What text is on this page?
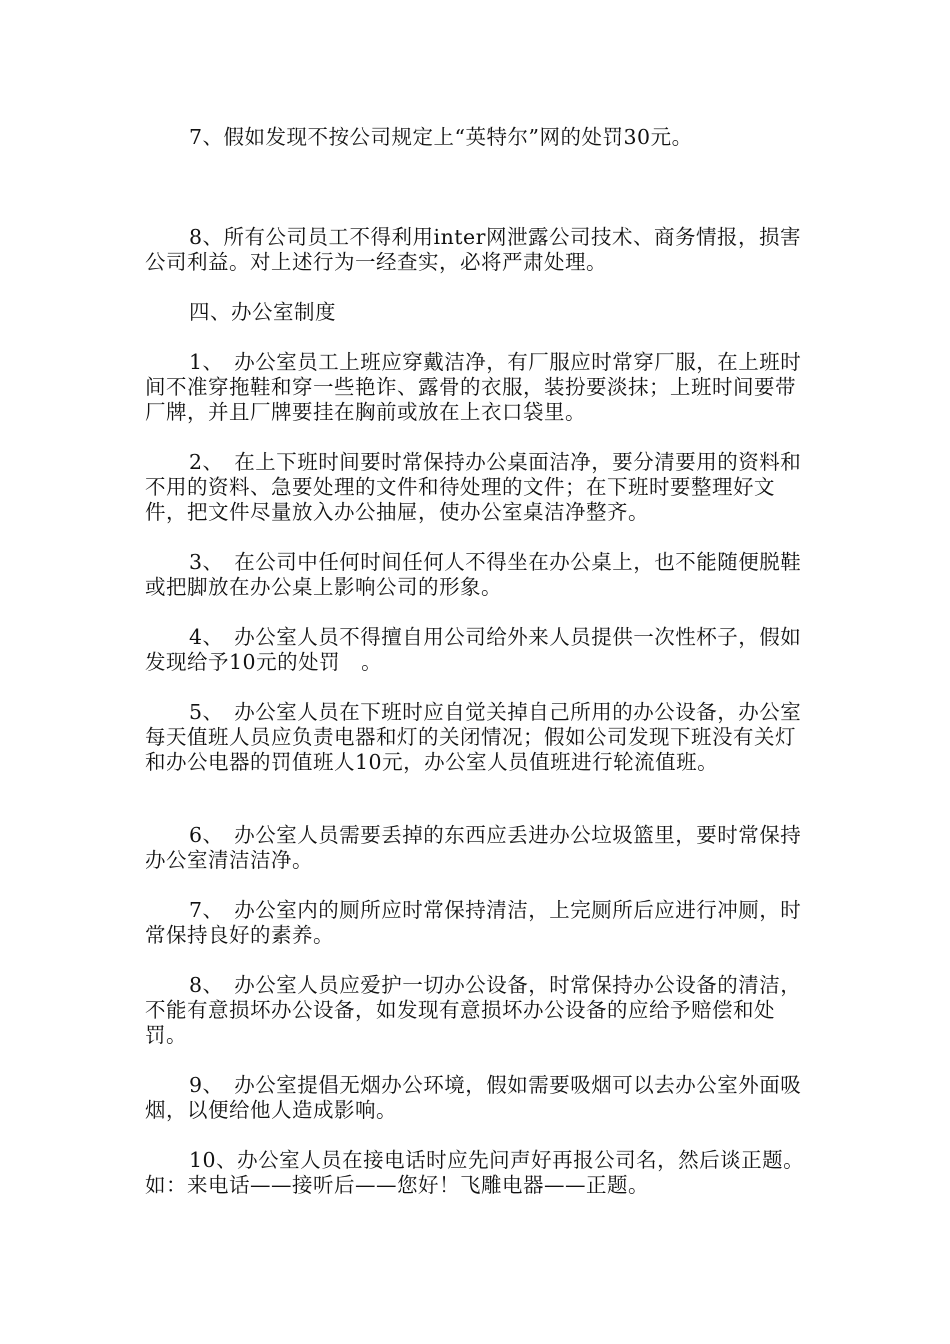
7、假如发现不按公司规定上“英特尔”网的处罚30元。

8、所有公司员工不得利用inter网泄露公司技术、商务情报，损害公司利益。对上述行为一经查实，必将严肃处理。

四、办公室制度

1、　办公室员工上班应穿戴洁净，有厂服应时常穿厂服，在上班时间不准穿拖鞋和穿一些艳诈、露骨的衣服，装扮要淡抹；上班时间要带厂牌，并且厂牌要挂在胸前或放在上衣口袋里。

2、　在上下班时间要时常保持办公桌面洁净，要分清要用的资料和不用的资料、急要处理的文件和待处理的文件；在下班时要整理好文件，把文件尽量放入办公抽屉，使办公室桌洁净整齐。

3、　在公司中任何时间任何人不得坐在办公桌上，也不能随便脱鞋或把脚放在办公桌上影响公司的形象。

4、　办公室人员不得擅自用公司给外来人员提供一次性杯子，假如发现给予10元的处罚　。

5、　办公室人员在下班时应自觉关掉自己所用的办公设备，办公室每天值班人员应负责电器和灯的关闭情况；假如公司发现下班没有关灯和办公电器的罚值班人10元，办公室人员值班进行轮流值班。

6、　办公室人员需要丢掉的东西应丢进办公垃圾篮里，要时常保持办公室清洁洁净。

7、　办公室内的厕所应时常保持清洁，上完厕所后应进行冲厕，时常保持良好的素养。

8、　办公室人员应爱护一切办公设备，时常保持办公设备的清洁，不能有意损坏办公设备，如发现有意损坏办公设备的应给予赔偿和处罚。

9、　办公室提倡无烟办公环境，假如需要吸烟可以去办公室外面吸烟，以便给他人造成影响。

10、办公室人员在接电话时应先问声好再报公司名，然后谈正题。如：来电话——接听后——您好！飞雕电器——正题。
